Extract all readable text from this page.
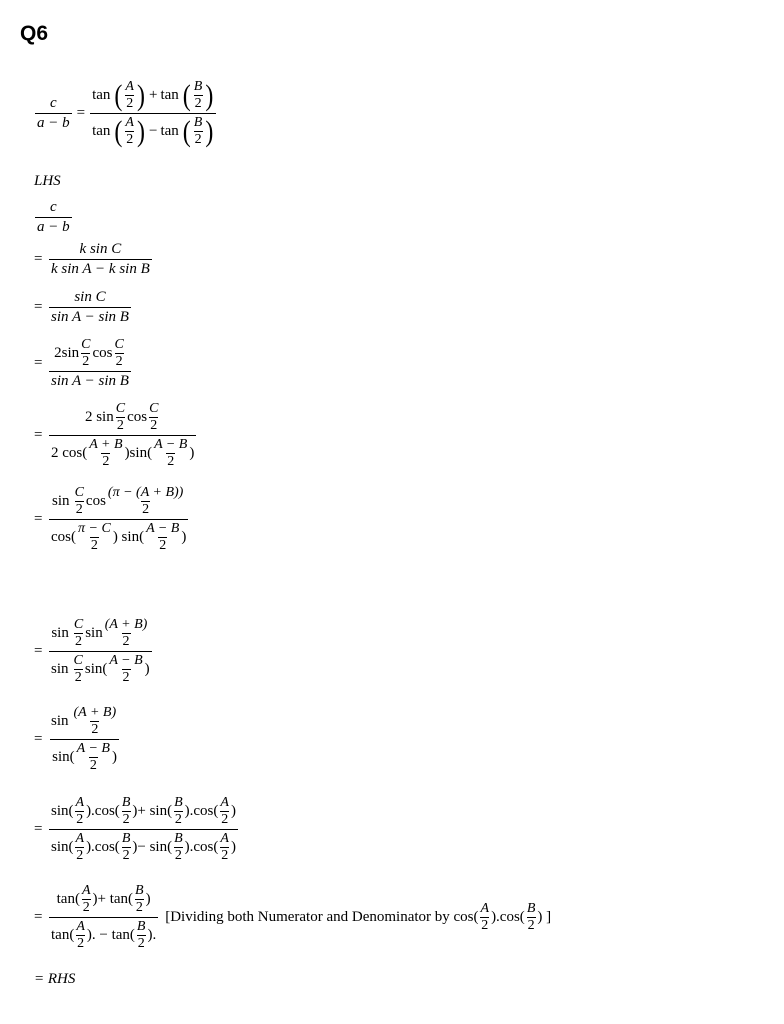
Q6
$\frac{c}{a - b} = \tan$ ( A
2 ) + tan ( B
2 )
tan ( A
2 ) − tan ( B
2 )
LHS
$\frac{c}{a - b}$
= $\frac{\text{k sin C}}{\text{k sin A − k sin B}}$
= $\frac{\text{sin C}}{\text{sin A − sin B}}$
= 2sin
C
2
cos
C
2
sin A − sin B
= 2 sin
C
2
cos
C
2
2 cos(
A + B
2
)sin(
A − B
2
)
= sin
C
2
cos
(π − (A + B))
2
cos(
π − C
2
) sin(
A − B
2
)
= sin
C
2
sin
(A + B)
2
sin
C
2
sin(
A − B
2
)
= sin
(A + B)
2
sin(
A − B
2
)
=
sin(
A
2
).cos(
B
2
)+ sin(
B
2
).cos(
A
2
)
sin(
A
2
).cos(
B
2
)− sin(
B
2
).cos(
A
2
)
= tan(
A
2
)+ tan(
B
2
)
tan(
A
2
). − tan(
B
2
). [Dividing both Numerator and Denominator by cos(
A
2
).cos(
B
2
) ]
= RHS
